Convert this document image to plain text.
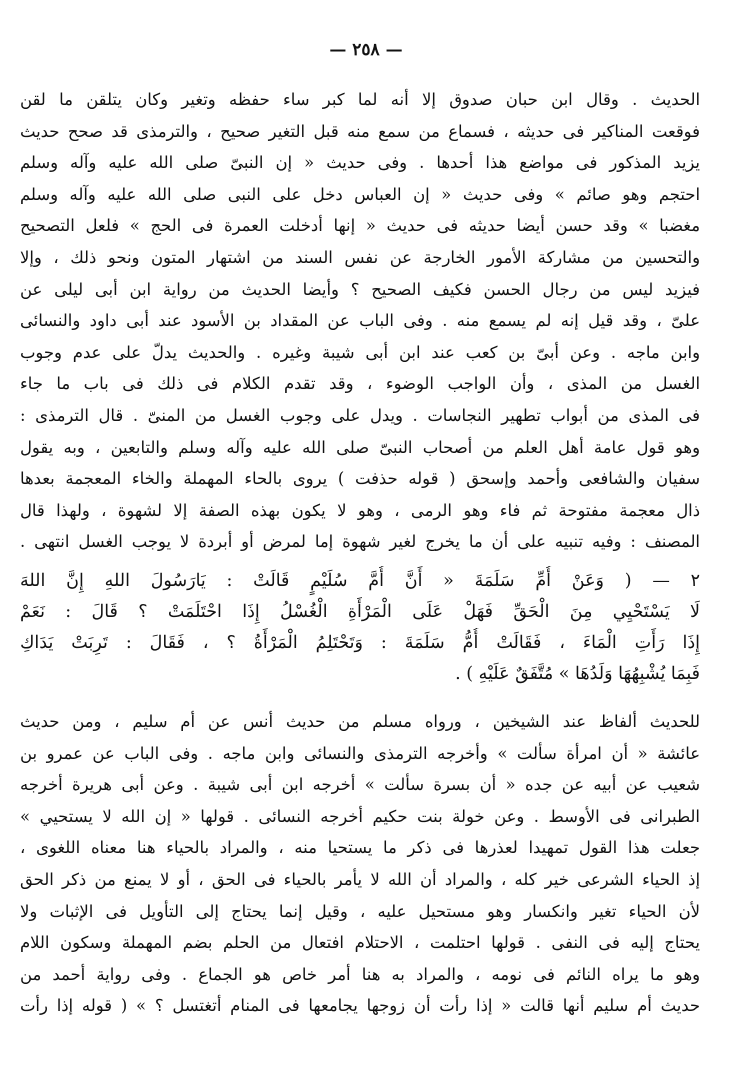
— ٢٥٨ —
الحديث . وقال ابن حبان صدوق إلا أنه لما كبر ساء حفظه وتغير وكان يتلقن ما لقن
فوقعت المناكير فى حديثه ، فسماع من سمع منه قبل التغير صحيح ، والترمذى قد صحح حديث
يزيد المذكور فى مواضع هذا أحدها . وفى حديث « إن النبىّ صلى الله عليه وآله وسلم
احتجم وهو صائم » وفى حديث « إن العباس دخل على النبى صلى الله عليه وآله وسلم
مغضبا » وقد حسن أيضا حديثه فى حديث « إنها أدخلت العمرة فى الحج » فلعل التصحيح
والتحسين من مشاركة الأمور الخارجة عن نفس السند من اشتهار المتون ونحو ذلك ، وإلا
فيزيد ليس من رجال الحسن فكيف الصحيح ؟ وأيضا الحديث من رواية ابن أبى ليلى عن
علىّ ، وقد قيل إنه لم يسمع منه . وفى الباب عن المقداد بن الأسود عند أبى داود والنسائى
وابن ماجه . وعن أبىّ بن كعب عند ابن أبى شيبة وغيره . والحديث يدلّ على عدم وجوب
الغسل من المذى ، وأن الواجب الوضوء ، وقد تقدم الكلام فى ذلك فى باب ما جاء
فى المذى من أبواب تطهير النجاسات . ويدل على وجوب الغسل من المنىّ . قال الترمذى :
وهو قول عامة أهل العلم من أصحاب النبىّ صلى الله عليه وآله وسلم والتابعين ، وبه يقول
سفيان والشافعى وأحمد وإسحق ( قوله حذفت ) يروى بالحاء المهملة والخاء المعجمة بعدها
ذال معجمة مفتوحة ثم فاء وهو الرمى ، وهو لا يكون بهذه الصفة إلا لشهوة ، ولهذا قال
المصنف : وفيه تنبيه على أن ما يخرج لغير شهوة إما لمرض أو أبردة لا يوجب الغسل انتهى .
٢ — ( وَعَنْ أُمِّ سَلَمَةَ « أَنَّ أُمَّ سُلَيْمٍ قَالَتْ : يَارَسُولَ اللهِ إِنَّ اللهَ
لَا يَسْتَحْيِي مِنَ الْحَقِّ فَهَلْ عَلَى الْمَرْأَةِ الْغُسْلُ إِذَا احْتَلَمَتْ ؟ قَالَ : نَعَمْ
إِذَا رَأَتِ الْمَاءَ ، فَقَالَتْ أُمُّ سَلَمَةَ : وَتَحْتَلِمُ الْمَرْأَةُ ؟ ، فَقَالَ : تَرِبَتْ يَدَاكِ
فَبِمَا يُشْبِهُهَا وَلَدُهَا » مُتَّفَقٌ عَلَيْهِ ) .
للحديث ألفاظ عند الشيخين ، ورواه مسلم من حديث أنس عن أم سليم ، ومن حديث
عائشة « أن امرأة سألت » وأخرجه الترمذى والنسائى وابن ماجه . وفى الباب عن عمرو بن
شعيب عن أبيه عن جده « أن بسرة سألت » أخرجه ابن أبى شيبة . وعن أبى هريرة أخرجه
الطبرانى فى الأوسط . وعن خولة بنت حكيم أخرجه النسائى . قولها « إن الله لا يستحيي »
جعلت هذا القول تمهيدا لعذرها فى ذكر ما يستحيا منه ، والمراد بالحياء هنا معناه اللغوى ،
إذ الحياء الشرعى خير كله ، والمراد أن الله لا يأمر بالحياء فى الحق ، أو لا يمنع من ذكر الحق
لأن الحياء تغير وانكسار وهو مستحيل عليه ، وقيل إنما يحتاج إلى التأويل فى الإثبات ولا
يحتاج إليه فى النفى . قولها احتلمت ، الاحتلام افتعال من الحلم بضم المهملة وسكون اللام
وهو ما يراه النائم فى نومه ، والمراد به هنا أمر خاص هو الجماع . وفى رواية أحمد من
حديث أم سليم أنها قالت « إذا رأت أن زوجها يجامعها فى المنام أتغتسل ؟ » ( قوله إذا رأت
